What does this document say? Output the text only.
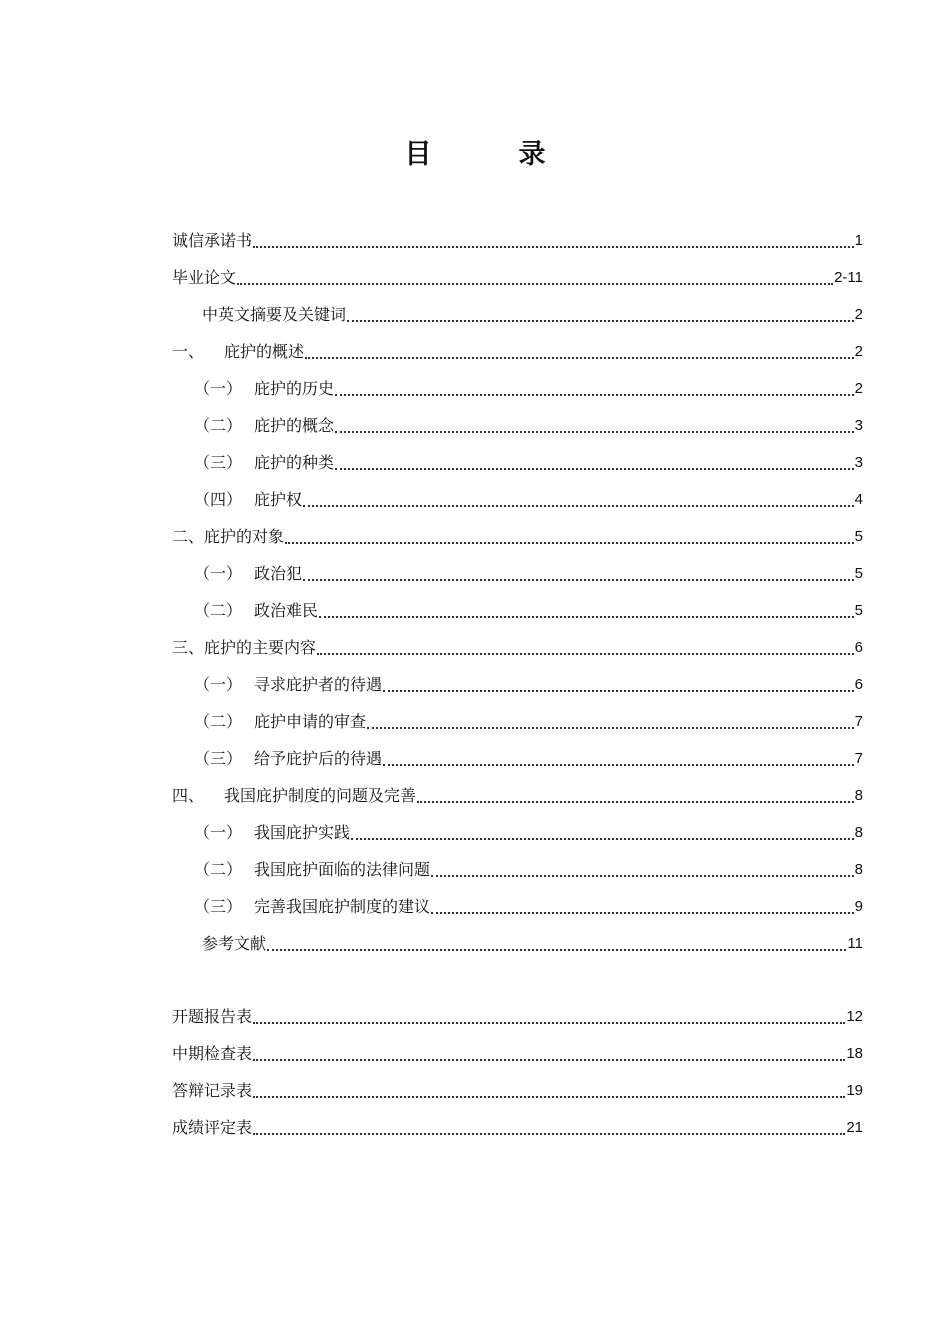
目　录
诚信承诺书	1
毕业论文	2-11
中英文摘要及关键词	2
一、 庇护的概述	2
（一） 庇护的历史	2
（二） 庇护的概念	3
（三） 庇护的种类	3
（四） 庇护权	4
二、庇护的对象	5
（一） 政治犯	5
（二） 政治难民	5
三、庇护的主要内容	6
（一） 寻求庇护者的待遇	6
（二） 庇护申请的审查	7
（三） 给予庇护后的待遇	7
四、 我国庇护制度的问题及完善	8
（一） 我国庇护实践	8
（二） 我国庇护面临的法律问题	8
（三） 完善我国庇护制度的建议	9
参考文献	11
开题报告表	12
中期检查表	18
答辩记录表	19
成绩评定表	21
